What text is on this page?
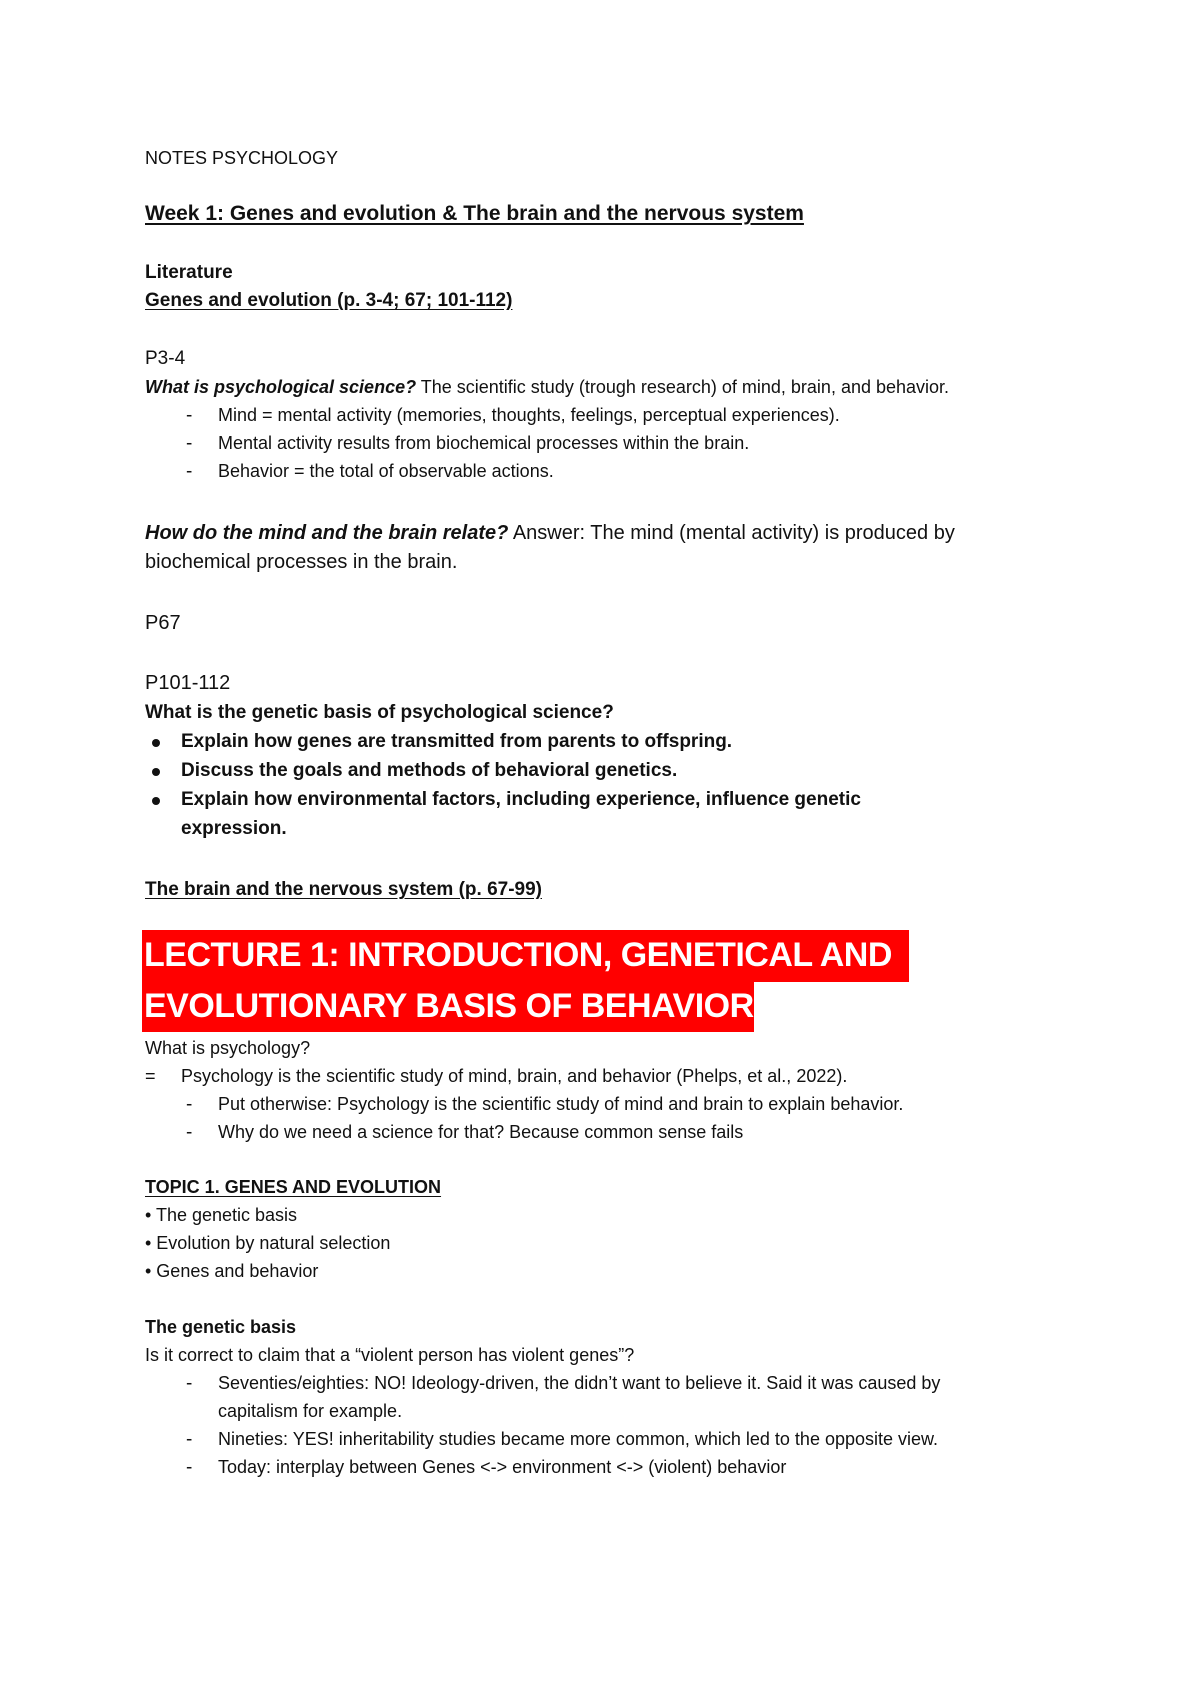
NOTES PSYCHOLOGY
Week 1: Genes and evolution & The brain and the nervous system
Literature
Genes and evolution (p. 3-4; 67; 101-112)
P3-4
What is psychological science? The scientific study (trough research) of mind, brain, and behavior.
- Mind = mental activity (memories, thoughts, feelings, perceptual experiences).
- Mental activity results from biochemical processes within the brain.
- Behavior = the total of observable actions.
How do the mind and the brain relate? Answer: The mind (mental activity) is produced by
biochemical processes in the brain.
P67
P101-112
What is the genetic basis of psychological science?
Explain how genes are transmitted from parents to offspring.
Discuss the goals and methods of behavioral genetics.
Explain how environmental factors, including experience, influence genetic
expression.
The brain and the nervous system (p. 67-99)
LECTURE 1: INTRODUCTION, GENETICAL AND
EVOLUTIONARY BASIS OF BEHAVIOR
What is psychology?
= Psychology is the scientific study of mind, brain, and behavior (Phelps, et al., 2022).
- Put otherwise: Psychology is the scientific study of mind and brain to explain behavior.
- Why do we need a science for that? Because common sense fails
TOPIC 1. GENES AND EVOLUTION
• The genetic basis
• Evolution by natural selection
• Genes and behavior
The genetic basis
Is it correct to claim that a “violent person has violent genes”?
- Seventies/eighties: NO! Ideology-driven, the didn’t want to believe it. Said it was caused by
capitalism for example.
- Nineties: YES! inheritability studies became more common, which led to the opposite view.
- Today: interplay between Genes <-> environment <-> (violent) behavior
